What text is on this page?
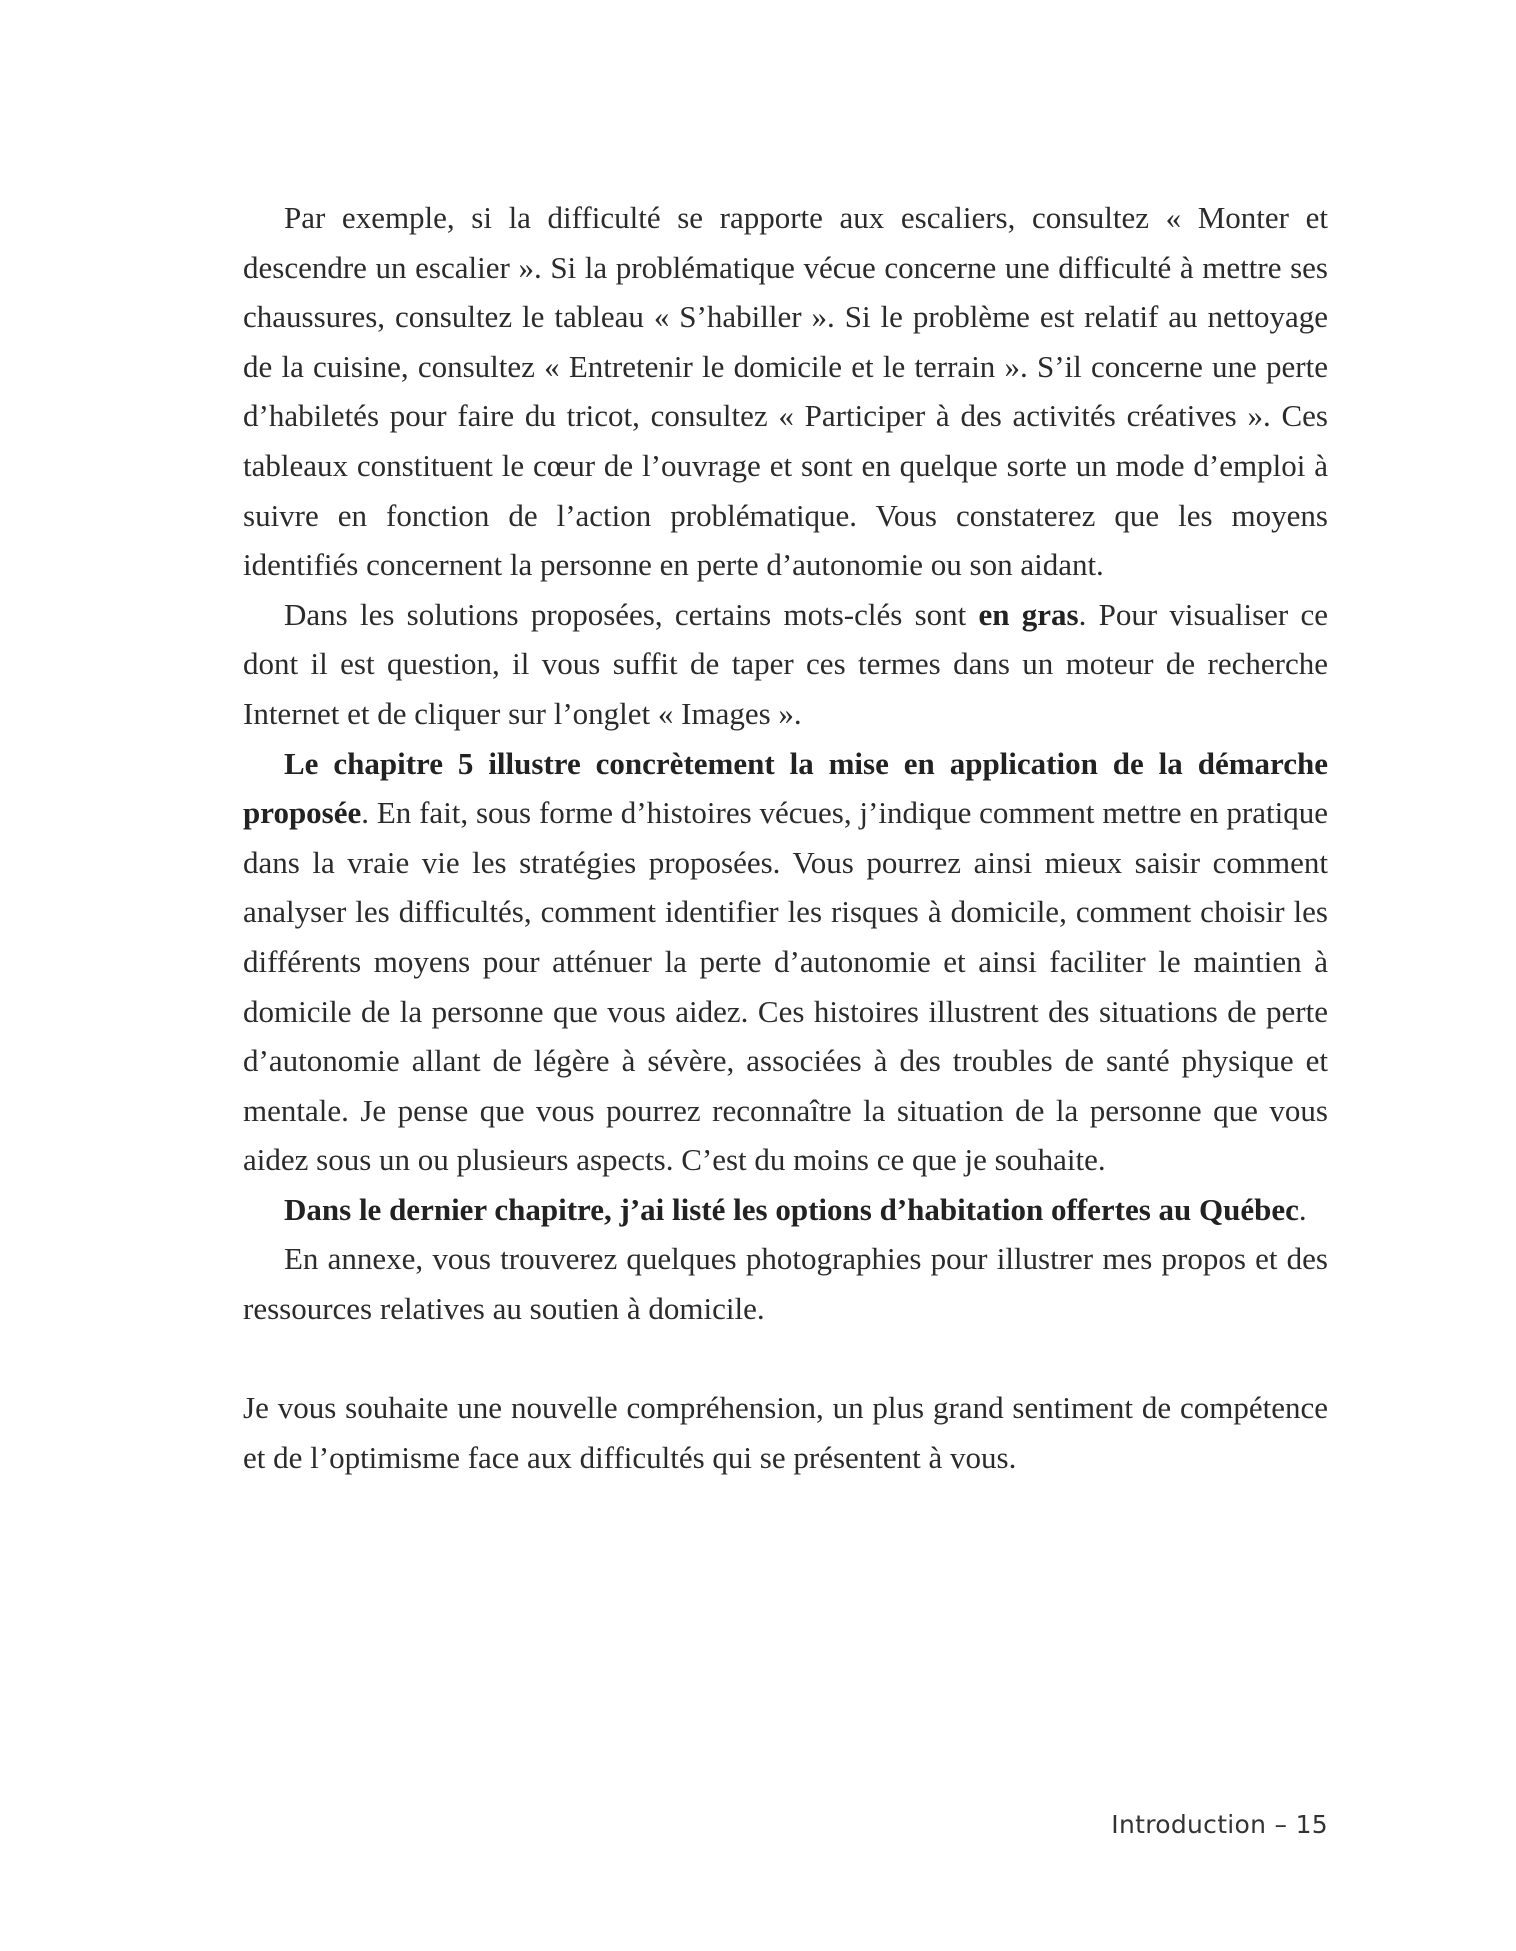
Par exemple, si la difficulté se rapporte aux escaliers, consultez « Monter et descendre un escalier ». Si la problématique vécue concerne une difficulté à mettre ses chaussures, consultez le tableau « S’habiller ». Si le problème est relatif au nettoyage de la cuisine, consultez « Entretenir le domicile et le terrain ». S’il concerne une perte d’habiletés pour faire du tricot, consultez « Participer à des activités créatives ». Ces tableaux constituent le cœur de l’ouvrage et sont en quelque sorte un mode d’emploi à suivre en fonction de l’action problématique. Vous constaterez que les moyens identifiés concernent la personne en perte d’autonomie ou son aidant.

Dans les solutions proposées, certains mots-clés sont en gras. Pour visualiser ce dont il est question, il vous suffit de taper ces termes dans un moteur de recherche Internet et de cliquer sur l’onglet « Images ».

Le chapitre 5 illustre concrètement la mise en application de la démarche proposée. En fait, sous forme d’histoires vécues, j’indique comment mettre en pratique dans la vraie vie les stratégies proposées. Vous pourrez ainsi mieux saisir comment analyser les difficultés, comment identifier les risques à domicile, comment choisir les différents moyens pour atténuer la perte d’autonomie et ainsi faciliter le maintien à domicile de la personne que vous aidez. Ces histoires illustrent des situations de perte d’autonomie allant de légère à sévère, associées à des troubles de santé physique et mentale. Je pense que vous pourrez reconnaître la situation de la personne que vous aidez sous un ou plusieurs aspects. C’est du moins ce que je souhaite.

Dans le dernier chapitre, j’ai listé les options d’habitation offertes au Québec.

En annexe, vous trouverez quelques photographies pour illustrer mes propos et des ressources relatives au soutien à domicile.

Je vous souhaite une nouvelle compréhension, un plus grand sentiment de compétence et de l’optimisme face aux difficultés qui se présentent à vous.

Introduction – 15
